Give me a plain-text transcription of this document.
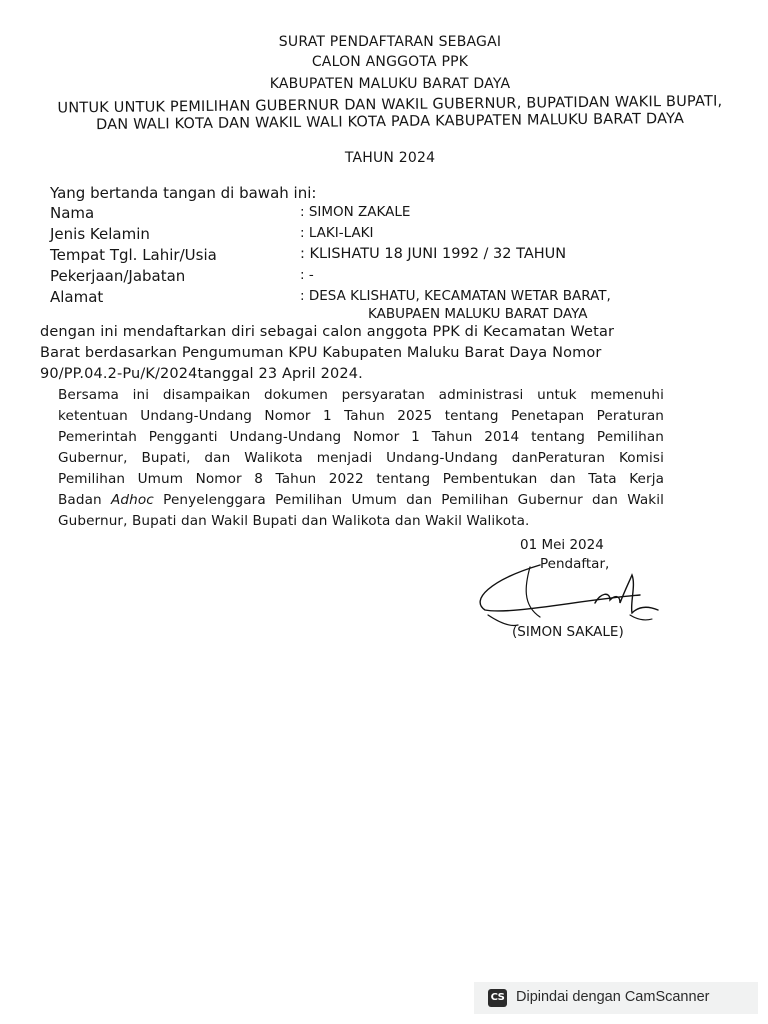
SURAT PENDAFTARAN SEBAGAI
CALON ANGGOTA PPK
KABUPATEN MALUKU BARAT DAYA
UNTUK UNTUK PEMILIHAN GUBERNUR DAN WAKIL GUBERNUR, BUPATIDAN WAKIL BUPATI, DAN WALI KOTA DAN WAKIL WALI KOTA PADA KABUPATEN MALUKU BARAT DAYA
TAHUN 2024
Yang bertanda tangan di bawah ini:
Nama	: SIMON ZAKALE
Jenis Kelamin	: LAKI-LAKI
Tempat Tgl. Lahir/Usia	: KLISHATU 18 JUNI 1992 / 32 TAHUN
Pekerjaan/Jabatan	: -
Alamat	: DESA KLISHATU, KECAMATAN WETAR BARAT,
KABUPAEN MALUKU BARAT DAYA
dengan ini mendaftarkan diri sebagai calon anggota PPK di Kecamatan Wetar
Barat berdasarkan Pengumuman KPU Kabupaten Maluku Barat Daya Nomor
90/PP.04.2-Pu/K/2024tanggal 23 April 2024.
Bersama ini disampaikan dokumen persyaratan administrasi untuk memenuhi
ketentuan Undang-Undang Nomor 1 Tahun 2025 tentang Penetapan Peraturan
Pemerintah Pengganti Undang-Undang Nomor 1 Tahun 2014 tentang Pemilihan
Gubernur, Bupati, dan Walikota menjadi Undang-Undang danPeraturan Komisi
Pemilihan Umum Nomor 8 Tahun 2022 tentang Pembentukan dan Tata Kerja
Badan Adhoc Penyelenggara Pemilihan Umum dan Pemilihan Gubernur dan Wakil
Gubernur, Bupati dan Wakil Bupati dan Walikota dan Wakil Walikota.
01 Mei 2024
Pendaftar,
(SIMON SAKALE)
CS Dipindai dengan CamScanner
